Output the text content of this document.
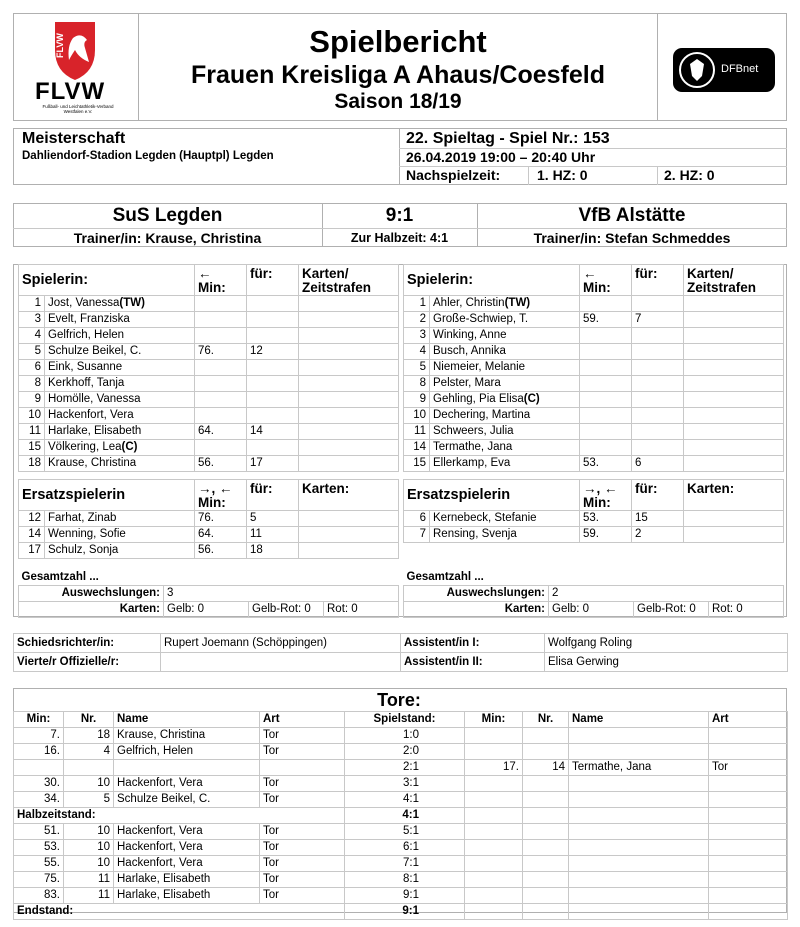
FLVW
FLVW
Fußball- und Leichtathletik-Verband Westfalen e.V.
Spielbericht
Frauen Kreisliga A Ahaus/Coesfeld
Saison 18/19
DFBnet
Meisterschaft
Dahliendorf-Stadion Legden (Hauptpl) Legden
22. Spieltag - Spiel Nr.: 153
26.04.2019 19:00 – 20:40 Uhr
Nachspielzeit:	1. HZ: 0	2. HZ: 0
SuS Legden	9:1	VfB Alstätte
Trainer/in: Krause, Christina	Zur Halbzeit: 4:1	Trainer/in: Stefan Schmeddes
Spielerin:		←
Min:	für:	Karten/
Zeitstrafen
1	Jost, Vanessa(TW)			
3	Evelt, Franziska			
4	Gelfrich, Helen			
5	Schulze Beikel, C.	76.	12	
6	Eink, Susanne			
8	Kerkhoff, Tanja			
9	Homölle, Vanessa			
10	Hackenfort, Vera			
11	Harlake, Elisabeth	64.	14	
15	Völkering, Lea(C)			
18	Krause, Christina	56.	17	
Spielerin:		←
Min:	für:	Karten/
Zeitstrafen
1	Ahler, Christin(TW)			
2	Große-Schwiep, T.	59.	7	
3	Winking, Anne			
4	Busch, Annika			
5	Niemeier, Melanie			
8	Pelster, Mara			
9	Gehling, Pia Elisa(C)			
10	Dechering, Martina			
11	Schweers, Julia			
14	Termathe, Jana			
15	Ellerkamp, Eva	53.	6	
Ersatzspielerin		→, ←
Min:	für:	Karten:
12	Farhat, Zinab	76.	5	
14	Wenning, Sofie	64.	11	
17	Schulz, Sonja	56.	18	
Ersatzspielerin		→, ←
Min:	für:	Karten:
6	Kernebeck, Stefanie	53.	15	
7	Rensing, Svenja	59.	2	
Gesamtzahl ...			
Auswechslungen:	3		
Karten:	Gelb: 0	Gelb-Rot: 0	Rot: 0
Gesamtzahl ...			
Auswechslungen:	2		
Karten:	Gelb: 0	Gelb-Rot: 0	Rot: 0
Schiedsrichter/in:	Rupert Joemann (Schöppingen)	Assistent/in I:	Wolfgang Roling
Vierte/r Offizielle/r:		Assistent/in II:	Elisa Gerwing
Tore:
Min:	Nr.	Name	Art	Spielstand:	Min:	Nr.	Name	Art
7.	18	Krause, Christina	Tor	1:0				
16.	4	Gelfrich, Helen	Tor	2:0				
				2:1	17.	14	Termathe, Jana	Tor
30.	10	Hackenfort, Vera	Tor	3:1				
34.	5	Schulze Beikel, C.	Tor	4:1				
Halbzeitstand:				4:1				
51.	10	Hackenfort, Vera	Tor	5:1				
53.	10	Hackenfort, Vera	Tor	6:1				
55.	10	Hackenfort, Vera	Tor	7:1				
75.	11	Harlake, Elisabeth	Tor	8:1				
83.	11	Harlake, Elisabeth	Tor	9:1				
Endstand:				9:1				
